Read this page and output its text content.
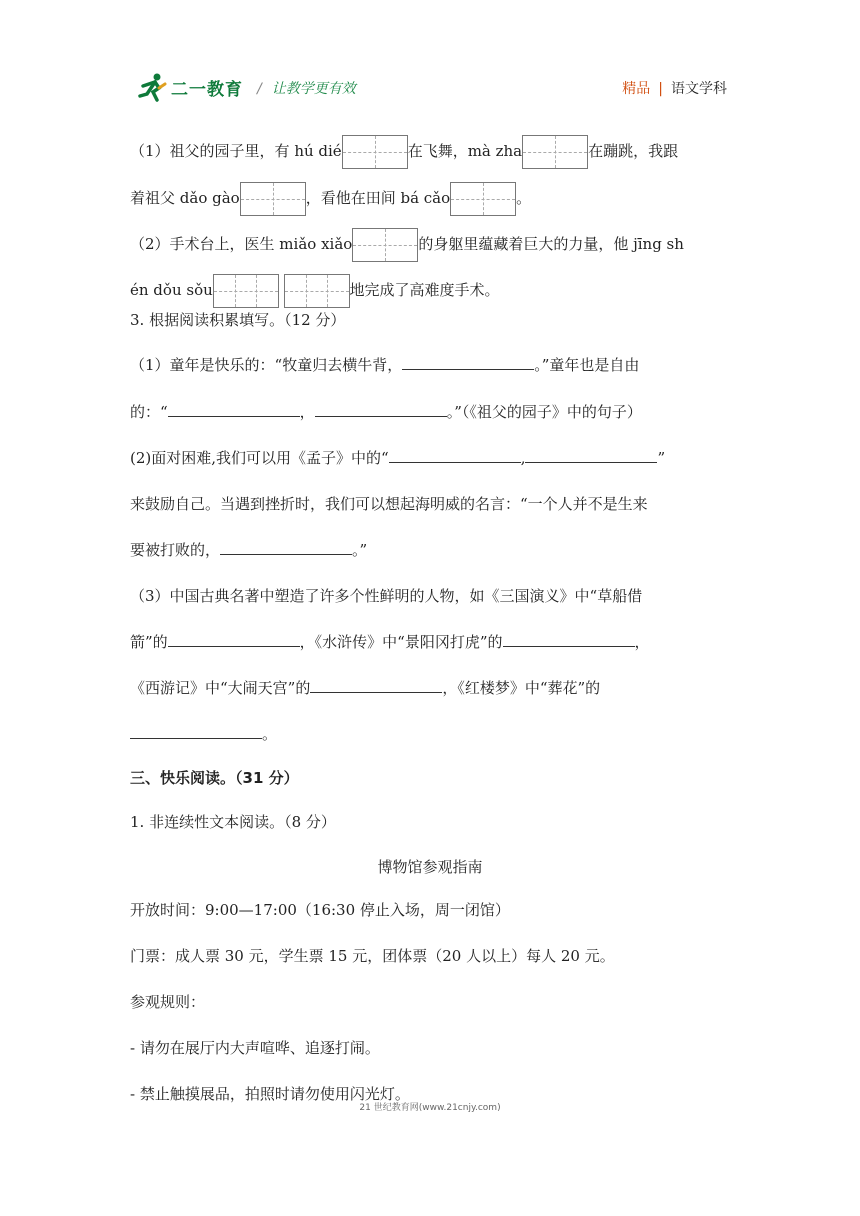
二一教育 / 让教学更有效	精品 | 语文学科
（1）祖父的园子里，有 hú dié	在飞舞，mà zha	在蹦跳，我跟
着祖父 dǎo gào	，看他在田间 bá cǎo	。
（2）手术台上，医生 miǎo xiǎo	的身躯里蕴藏着巨大的力量，他 jīng sh
én dǒu sǒu
	地完成了高难度手术。
3. 根据阅读积累填写。（12 分）
（1）童年是快乐的：“牧童归去横牛背，	。”童年也是自由
的：“	，	。”（《祖父的园子》中的句子）
(2)面对困难,我们可以用《孟子》中的“	,	”
来鼓励自己。当遇到挫折时，我们可以想起海明威的名言：“一个人并不是生来
要被打败的，	。”
（3）中国古典名著中塑造了许多个性鲜明的人物，如《三国演义》中“草船借
箭”的	，《水浒传》中“景阳冈打虎”的	，
《西游记》中“大闹天宫”的	，《红楼梦》中“葬花”的
。
三、快乐阅读。（31 分）
1. 非连续性文本阅读。（8 分）
博物馆参观指南
开放时间：9:00—17:00（16:30 停止入场，周一闭馆）
门票：成人票 30 元，学生票 15 元，团体票（20 人以上）每人 20 元。
参观规则：
- 请勿在展厅内大声喧哗、追逐打闹。
- 禁止触摸展品，拍照时请勿使用闪光灯。
21 世纪教育网(www.21cnjy.com)
